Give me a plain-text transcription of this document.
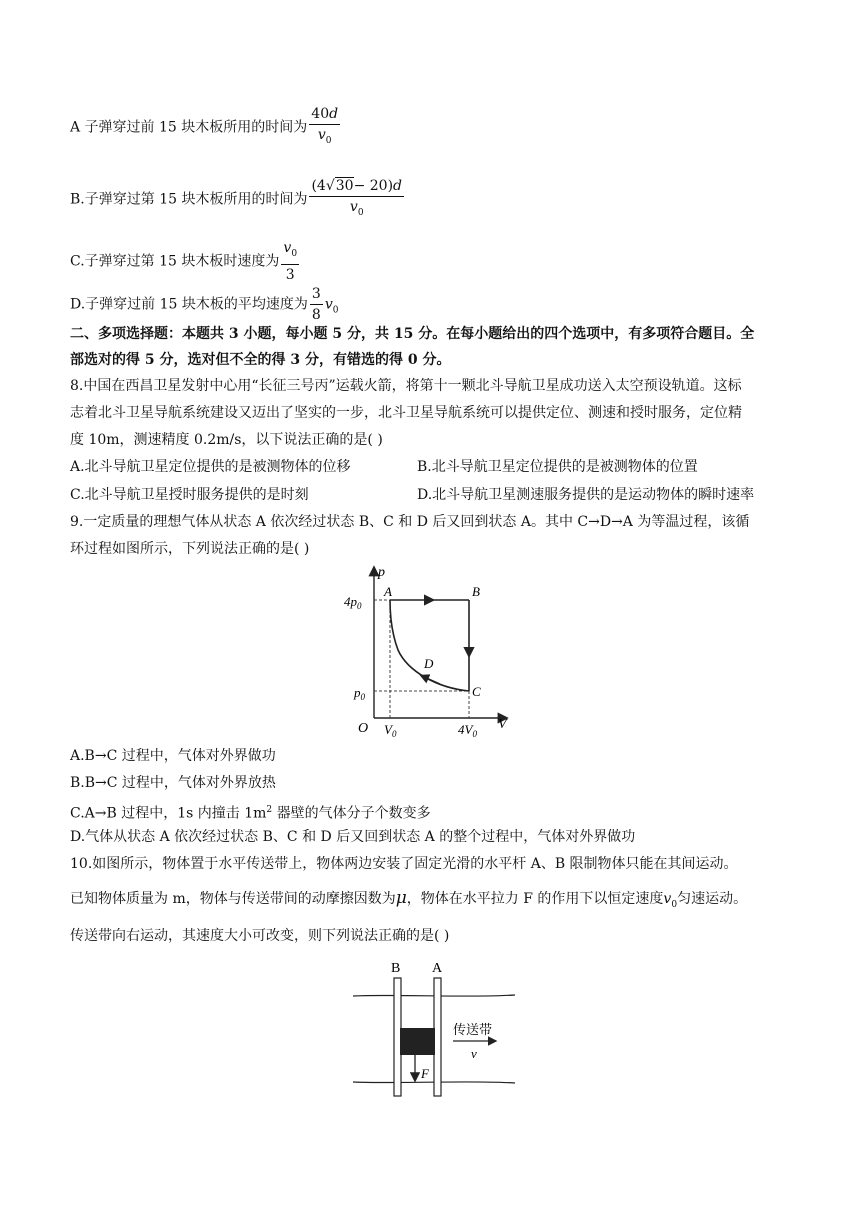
A 子弹穿过前 15 块木板所用的时间为 $\frac{40d}{v_0}$
B.子弹穿过第 15 块木板所用的时间为 $\frac{(4√30- 20)d}{v_0}$
C.子弹穿过第 15 块木板时速度为 $\frac{v_0}{3}$
D.子弹穿过前 15 块木板的平均速度为 $\frac{3}{8} v_0$
二、多项选择题：本题共 3 小题，每小题 5 分，共 15 分。在每小题给出的四个选项中，有多项符合题目。全
部选对的得 5 分，选对但不全的得 3 分，有错选的得 0 分。
8.中国在西昌卫星发射中心用“长征三号丙”运载火箭，将第十一颗北斗导航卫星成功送入太空预设轨道。这标
志着北斗卫星导航系统建设又迈出了坚实的一步，北斗卫星导航系统可以提供定位、测速和授时服务，定位精
度 10m，测速精度 0.2m/s，以下说法正确的是( )
A.北斗导航卫星定位提供的是被测物体的位移	B.北斗导航卫星定位提供的是被测物体的位置
C.北斗导航卫星授时服务提供的是时刻	D.北斗导航卫星测速服务提供的是运动物体的瞬时速率
9.一定质量的理想气体从状态 A 依次经过状态 B、C 和 D 后又回到状态 A。其中 C→D→A 为等温过程，该循
环过程如图所示，下列说法正确的是( )
p
V
O
$4p_0$
$p_0$
$V_0$	$4V_0$
A	B
C
D
A.B→C 过程中，气体对外界做功
B.B→C 过程中，气体对外界放热
C.A→B 过程中，1s 内撞击 $1m^2$ 器壁的气体分子个数变多
D.气体从状态 A 依次经过状态 B、C 和 D 后又回到状态 A 的整个过程中，气体对外界做功
10.如图所示，物体置于水平传送带上，物体两边安装了固定光滑的水平杆 A、B 限制物体只能在其间运动。
已知物体质量为 m，物体与传送带间的动摩擦因数为μ，物体在水平拉力 F 的作用下以恒定速度$v_0$匀速运动。
传送带向右运动，其速度大小可改变，则下列说法正确的是( )
B A
传送带
v
F
